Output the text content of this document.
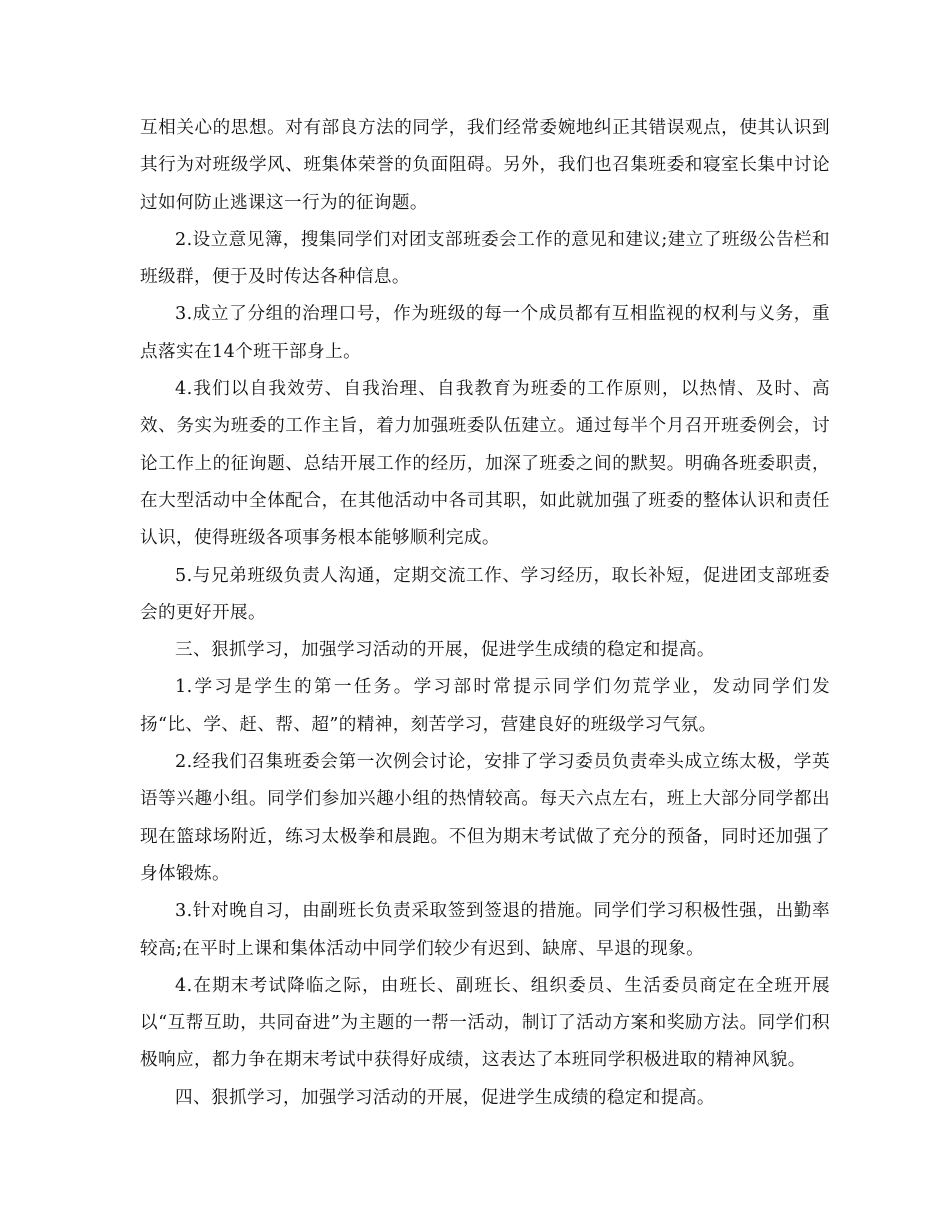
互相关心的思想。对有部良方法的同学，我们经常委婉地纠正其错误观点，使其认识到其行为对班级学风、班集体荣誉的负面阻碍。另外，我们也召集班委和寝室长集中讨论过如何防止逃课这一行为的征询题。

2.设立意见簿，搜集同学们对团支部班委会工作的意见和建议;建立了班级公告栏和班级群，便于及时传达各种信息。

3.成立了分组的治理口号，作为班级的每一个成员都有互相监视的权利与义务，重点落实在14个班干部身上。

4.我们以自我效劳、自我治理、自我教育为班委的工作原则，以热情、及时、高效、务实为班委的工作主旨，着力加强班委队伍建立。通过每半个月召开班委例会，讨论工作上的征询题、总结开展工作的经历，加深了班委之间的默契。明确各班委职责，在大型活动中全体配合，在其他活动中各司其职，如此就加强了班委的整体认识和责任认识，使得班级各项事务根本能够顺利完成。

5.与兄弟班级负责人沟通，定期交流工作、学习经历，取长补短，促进团支部班委会的更好开展。

三、狠抓学习，加强学习活动的开展，促进学生成绩的稳定和提高。

1.学习是学生的第一任务。学习部时常提示同学们勿荒学业，发动同学们发扬“比、学、赶、帮、超”的精神，刻苦学习，营建良好的班级学习气氛。

2.经我们召集班委会第一次例会讨论，安排了学习委员负责牵头成立练太极，学英语等兴趣小组。同学们参加兴趣小组的热情较高。每天六点左右，班上大部分同学都出现在篮球场附近，练习太极拳和晨跑。不但为期末考试做了充分的预备，同时还加强了身体锻炼。

3.针对晚自习，由副班长负责采取签到签退的措施。同学们学习积极性强，出勤率较高;在平时上课和集体活动中同学们较少有迟到、缺席、早退的现象。

4.在期末考试降临之际，由班长、副班长、组织委员、生活委员商定在全班开展以“互帮互助，共同奋进”为主题的一帮一活动，制订了活动方案和奖励方法。同学们积极响应，都力争在期末考试中获得好成绩，这表达了本班同学积极进取的精神风貌。

四、狠抓学习，加强学习活动的开展，促进学生成绩的稳定和提高。
